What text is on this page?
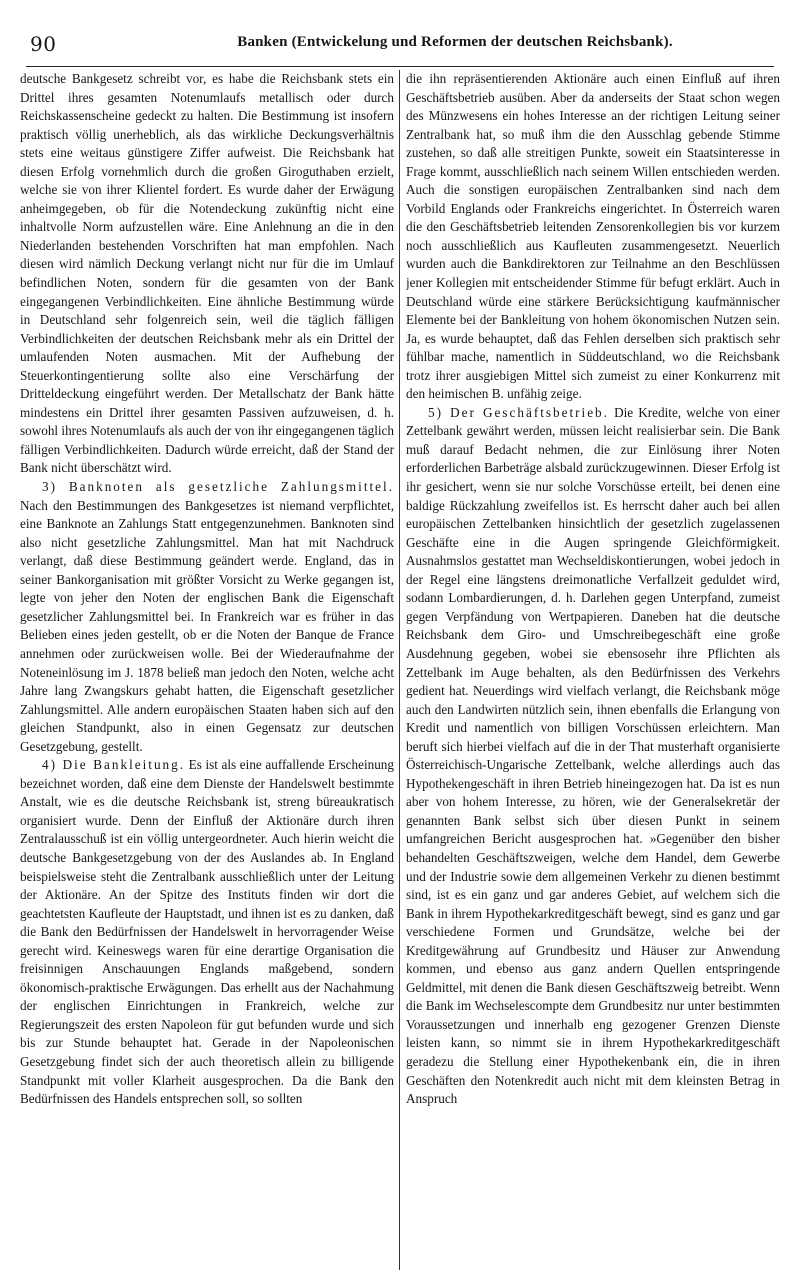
90	Banken (Entwickelung und Reformen der deutschen Reichsbank).

deutsche Bankgesetz schreibt vor, es habe die Reichsbank stets ein Drittel ihres gesamten Notenumlaufs metallisch oder durch Reichskassenscheine gedeckt zu halten. Die Bestimmung ist insofern praktisch völlig unerheblich, als das wirkliche Deckungsverhältnis stets eine weitaus günstigere Ziffer aufweist. Die Reichsbank hat diesen Erfolg vornehmlich durch die großen Giroguthaben erzielt, welche sie von ihrer Klientel fordert. Es wurde daher der Erwägung anheimgegeben, ob für die Notendeckung zukünftig nicht eine inhaltvolle Norm aufzustellen wäre. Eine Anlehnung an die in den Niederlanden bestehenden Vorschriften hat man empfohlen. Nach diesen wird nämlich Deckung verlangt nicht nur für die im Umlauf befindlichen Noten, sondern für die gesamten von der Bank eingegangenen Verbindlichkeiten. Eine ähnliche Bestimmung würde in Deutschland sehr folgenreich sein, weil die täglich fälligen Verbindlichkeiten der deutschen Reichsbank mehr als ein Drittel der umlaufenden Noten ausmachen. Mit der Aufhebung der Steuerkontingentierung sollte also eine Verschärfung der Dritteldeckung eingeführt werden. Der Metallschatz der Bank hätte mindestens ein Drittel ihrer gesamten Passiven aufzuweisen, d. h. sowohl ihres Notenumlaufs als auch der von ihr eingegangenen täglich fälligen Verbindlichkeiten. Dadurch würde erreicht, daß der Stand der Bank nicht überschätzt wird.

3) Banknoten als gesetzliche Zahlungsmittel. Nach den Bestimmungen des Bankgesetzes ist niemand verpflichtet, eine Banknote an Zahlungs Statt entgegenzunehmen. Banknoten sind also nicht gesetzliche Zahlungsmittel. Man hat mit Nachdruck verlangt, daß diese Bestimmung geändert werde. England, das in seiner Bankorganisation mit größter Vorsicht zu Werke gegangen ist, legte von jeher den Noten der englischen Bank die Eigenschaft gesetzlicher Zahlungsmittel bei. In Frankreich war es früher in das Belieben eines jeden gestellt, ob er die Noten der Banque de France annehmen oder zurückweisen wolle. Bei der Wiederaufnahme der Noteneinlösung im J. 1878 beließ man jedoch den Noten, welche acht Jahre lang Zwangskurs gehabt hatten, die Eigenschaft gesetzlicher Zahlungsmittel. Alle andern europäischen Staaten haben sich auf den gleichen Standpunkt, also in einen Gegensatz zur deutschen Gesetzgebung, gestellt.

4) Die Bankleitung. Es ist als eine auffallende Erscheinung bezeichnet worden, daß eine dem Dienste der Handelswelt bestimmte Anstalt, wie es die deutsche Reichsbank ist, streng büreaukratisch organisiert wurde. Denn der Einfluß der Aktionäre durch ihren Zentralausschuß ist ein völlig untergeordneter. Auch hierin weicht die deutsche Bankgesetzgebung von der des Auslandes ab. In England beispielsweise steht die Zentralbank ausschließlich unter der Leitung der Aktionäre. An der Spitze des Instituts finden wir dort die geachtetsten Kaufleute der Hauptstadt, und ihnen ist es zu danken, daß die Bank den Bedürfnissen der Handelswelt in hervorragender Weise gerecht wird. Keineswegs waren für eine derartige Organisation die freisinnigen Anschauungen Englands maßgebend, sondern ökonomisch-praktische Erwägungen. Das erhellt aus der Nachahmung der englischen Einrichtungen in Frankreich, welche zur Regierungszeit des ersten Napoleon für gut befunden wurde und sich bis zur Stunde behauptet hat. Gerade in der Napoleonischen Gesetzgebung findet sich der auch theoretisch allein zu billigende Standpunkt mit voller Klarheit ausgesprochen. Da die Bank den Bedürfnissen des Handels entsprechen soll, so sollten

die ihn repräsentierenden Aktionäre auch einen Einfluß auf ihren Geschäftsbetrieb ausüben. Aber da anderseits der Staat schon wegen des Münzwesens ein hohes Interesse an der richtigen Leitung seiner Zentralbank hat, so muß ihm die den Ausschlag gebende Stimme zustehen, so daß alle streitigen Punkte, soweit ein Staatsinteresse in Frage kommt, ausschließlich nach seinem Willen entschieden werden. Auch die sonstigen europäischen Zentralbanken sind nach dem Vorbild Englands oder Frankreichs eingerichtet. In Österreich waren die den Geschäftsbetrieb leitenden Zensorenkollegien bis vor kurzem noch ausschließlich aus Kaufleuten zusammengesetzt. Neuerlich wurden auch die Bankdirektoren zur Teilnahme an den Beschlüssen jener Kollegien mit entscheidender Stimme für befugt erklärt. Auch in Deutschland würde eine stärkere Berücksichtigung kaufmännischer Elemente bei der Bankleitung von hohem ökonomischen Nutzen sein. Ja, es wurde behauptet, daß das Fehlen derselben sich praktisch sehr fühlbar mache, namentlich in Süddeutschland, wo die Reichsbank trotz ihrer ausgiebigen Mittel sich zumeist zu einer Konkurrenz mit den heimischen B. unfähig zeige.

5) Der Geschäftsbetrieb. Die Kredite, welche von einer Zettelbank gewährt werden, müssen leicht realisierbar sein. Die Bank muß darauf Bedacht nehmen, die zur Einlösung ihrer Noten erforderlichen Barbeträge alsbald zurückzugewinnen. Dieser Erfolg ist ihr gesichert, wenn sie nur solche Vorschüsse erteilt, bei denen eine baldige Rückzahlung zweifellos ist. Es herrscht daher auch bei allen europäischen Zettelbanken hinsichtlich der gesetzlich zugelassenen Geschäfte eine in die Augen springende Gleichförmigkeit. Ausnahmslos gestattet man Wechseldiskontierungen, wobei jedoch in der Regel eine längstens dreimonatliche Verfallzeit geduldet wird, sodann Lombardierungen, d. h. Darlehen gegen Unterpfand, zumeist gegen Verpfändung von Wertpapieren. Daneben hat die deutsche Reichsbank dem Giro- und Umschreibegeschäft eine große Ausdehnung gegeben, wobei sie ebensosehr ihre Pflichten als Zettelbank im Auge behalten, als den Bedürfnissen des Verkehrs gedient hat. Neuerdings wird vielfach verlangt, die Reichsbank möge auch den Landwirten nützlich sein, ihnen ebenfalls die Erlangung von Kredit und namentlich von billigen Vorschüssen erleichtern. Man beruft sich hierbei vielfach auf die in der That musterhaft organisierte Österreichisch-Ungarische Zettelbank, welche allerdings auch das Hypothekengeschäft in ihren Betrieb hineingezogen hat. Da ist es nun aber von hohem Interesse, zu hören, wie der Generalsekretär der genannten Bank selbst sich über diesen Punkt in seinem umfangreichen Bericht ausgesprochen hat. »Gegenüber den bisher behandelten Geschäftszweigen, welche dem Handel, dem Gewerbe und der Industrie sowie dem allgemeinen Verkehr zu dienen bestimmt sind, ist es ein ganz und gar anderes Gebiet, auf welchem sich die Bank in ihrem Hypothekarkreditgeschäft bewegt, sind es ganz und gar verschiedene Formen und Grundsätze, welche bei der Kreditgewährung auf Grundbesitz und Häuser zur Anwendung kommen, und ebenso aus ganz andern Quellen entspringende Geldmittel, mit denen die Bank diesen Geschäftszweig betreibt. Wenn die Bank im Wechselescompte dem Grundbesitz nur unter bestimmten Voraussetzungen und innerhalb eng gezogener Grenzen Dienste leisten kann, so nimmt sie in ihrem Hypothekarkreditgeschäft geradezu die Stellung einer Hypothekenbank ein, die in ihren Geschäften den Notenkredit auch nicht mit dem kleinsten Betrag in Anspruch
